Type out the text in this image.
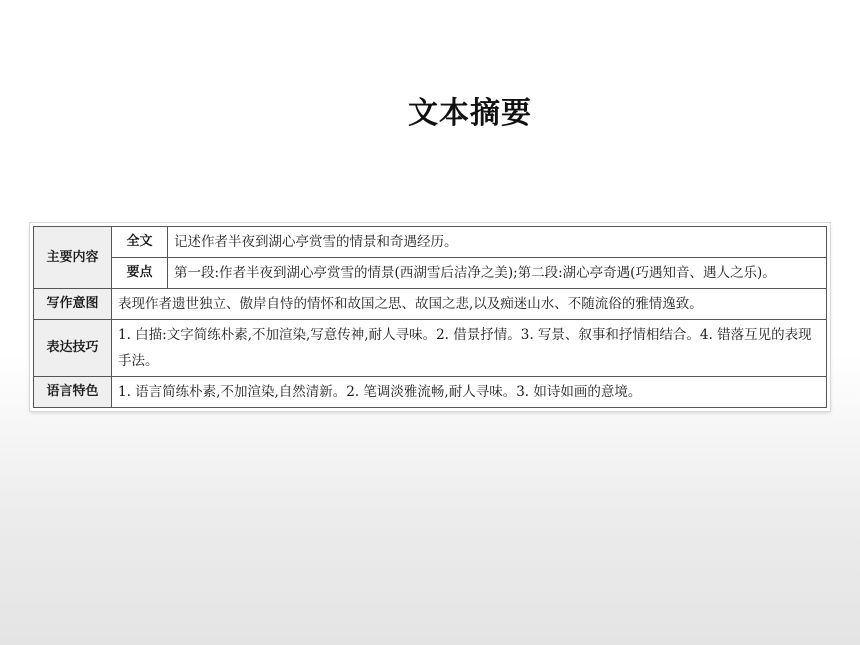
文本摘要
主要内容	全文	记述作者半夜到湖心亭赏雪的情景和奇遇经历。
	要点	第一段:作者半夜到湖心亭赏雪的情景(西湖雪后洁净之美);第二段:湖心亭奇遇(巧遇知音、遇人之乐)。
写作意图	表现作者遗世独立、傲岸自恃的情怀和故国之思、故国之悲,以及痴迷山水、不随流俗的雅情逸致。	
表达技巧	1. 白描:文字简练朴素,不加渲染,写意传神,耐人寻味。2. 借景抒情。3. 写景、叙事和抒情相结合。4. 错落互见的表现手法。	
语言特色	1. 语言简练朴素,不加渲染,自然清新。2. 笔调淡雅流畅,耐人寻味。3. 如诗如画的意境。	
